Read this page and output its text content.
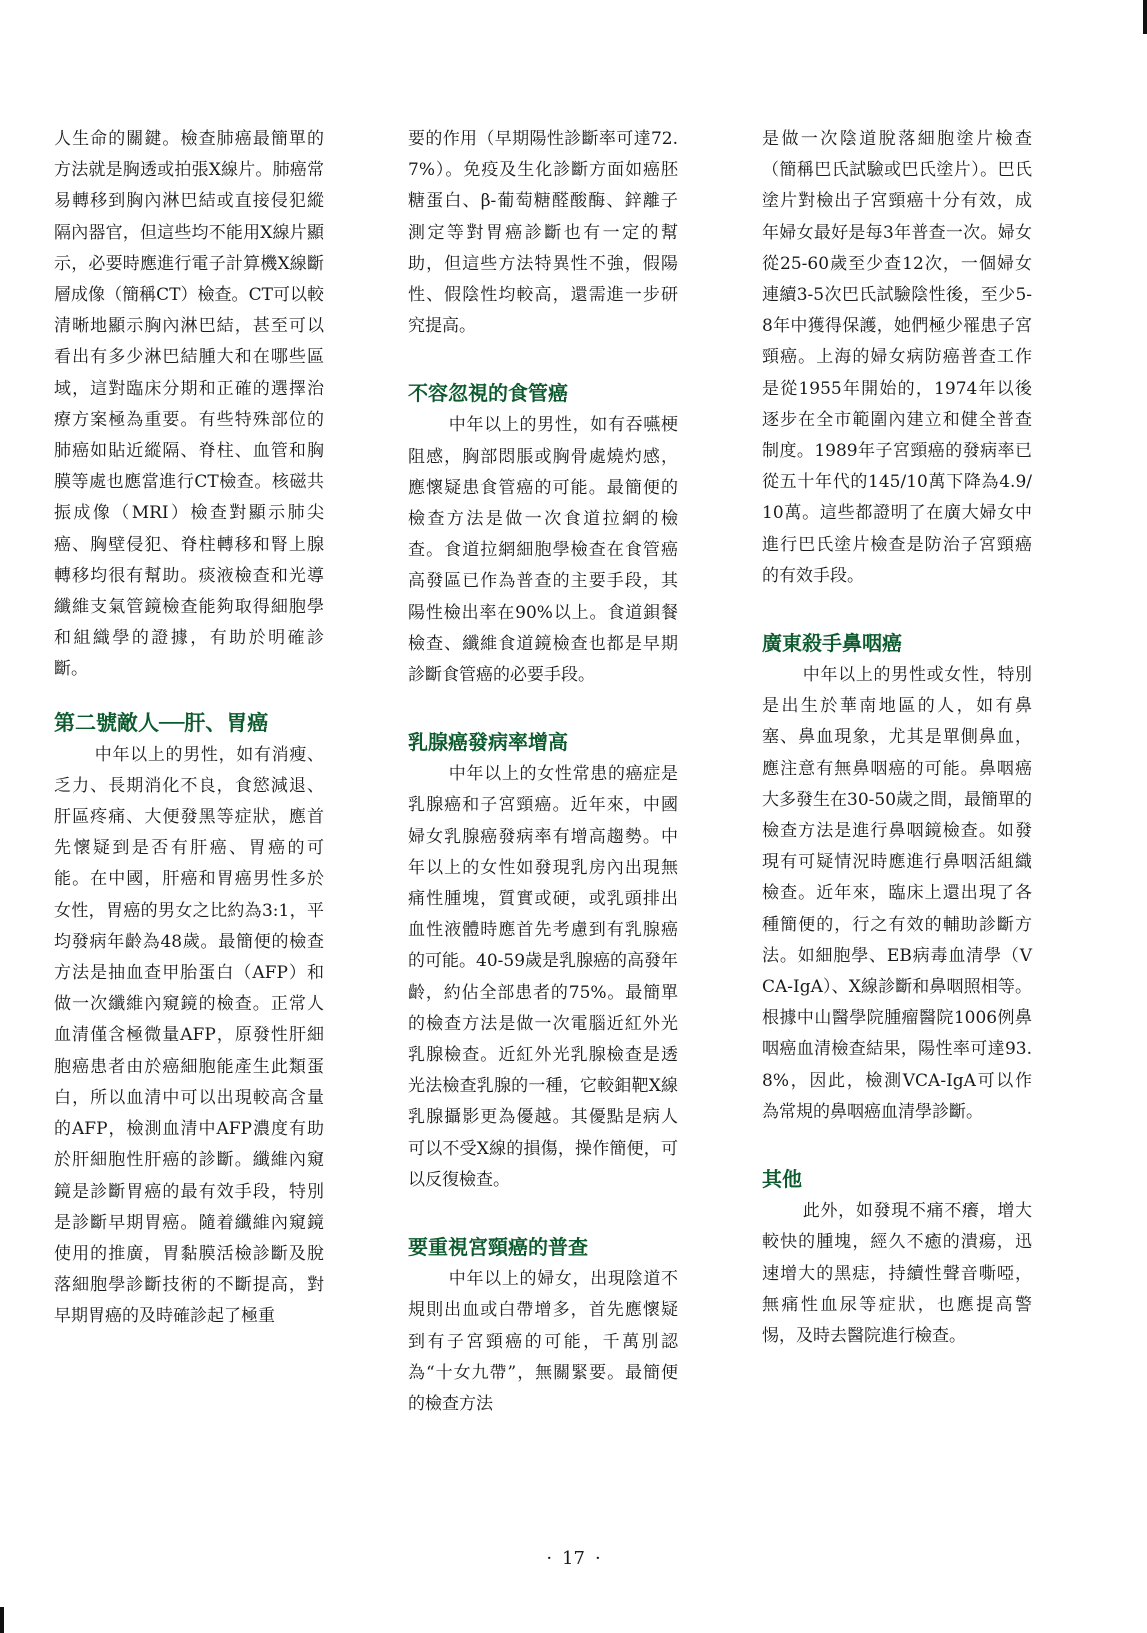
人生命的關鍵。檢查肺癌最簡單的方法就是胸透或拍張X線片。肺癌常易轉移到胸內淋巴結或直接侵犯縱隔內器官，但這些均不能用X線片顯示，必要時應進行電子計算機X線斷層成像（簡稱CT）檢查。CT可以較清晰地顯示胸內淋巴結，甚至可以看出有多少淋巴結腫大和在哪些區域，這對臨床分期和正確的選擇治療方案極為重要。有些特殊部位的肺癌如貼近縱隔、脊柱、血管和胸膜等處也應當進行CT檢查。核磁共振成像（MRI）檢查對顯示肺尖癌、胸壁侵犯、脊柱轉移和腎上腺轉移均很有幫助。痰液檢查和光導纖維支氣管鏡檢查能夠取得細胞學和組織學的證據，有助於明確診斷。

第二號敵人──肝、胃癌

中年以上的男性，如有消瘦、乏力、長期消化不良，食慾減退、肝區疼痛、大便發黑等症狀，應首先懷疑到是否有肝癌、胃癌的可能。在中國，肝癌和胃癌男性多於女性，胃癌的男女之比約為3:1，平均發病年齡為48歲。最簡便的檢查方法是抽血查甲胎蛋白（AFP）和做一次纖維內窺鏡的檢查。正常人血清僅含極微量AFP，原發性肝細胞癌患者由於癌細胞能產生此類蛋白，所以血清中可以出現較高含量的AFP，檢測血清中AFP濃度有助於肝細胞性肝癌的診斷。纖維內窺鏡是診斷胃癌的最有效手段，特別是診斷早期胃癌。隨着纖維內窺鏡使用的推廣，胃黏膜活檢診斷及脫落細胞學診斷技術的不斷提高，對早期胃癌的及時確診起了極重

要的作用（早期陽性診斷率可達72.7%）。免疫及生化診斷方面如癌胚糖蛋白、β-葡萄糖醛酸酶、鋅離子測定等對胃癌診斷也有一定的幫助，但這些方法特異性不強，假陽性、假陰性均較高，還需進一步研究提高。

不容忽視的食管癌

中年以上的男性，如有吞嚥梗阻感，胸部悶脹或胸骨處燒灼感，應懷疑患食管癌的可能。最簡便的檢查方法是做一次食道拉網的檢查。食道拉網細胞學檢查在食管癌高發區已作為普查的主要手段，其陽性檢出率在90%以上。食道鋇餐檢查、纖維食道鏡檢查也都是早期診斷食管癌的必要手段。

乳腺癌發病率增高

中年以上的女性常患的癌症是乳腺癌和子宮頸癌。近年來，中國婦女乳腺癌發病率有增高趨勢。中年以上的女性如發現乳房內出現無痛性腫塊，質實或硬，或乳頭排出血性液體時應首先考慮到有乳腺癌的可能。40-59歲是乳腺癌的高發年齡，約佔全部患者的75%。最簡單的檢查方法是做一次電腦近紅外光乳腺檢查。近紅外光乳腺檢查是透光法檢查乳腺的一種，它較鉬靶X線乳腺攝影更為優越。其優點是病人可以不受X線的損傷，操作簡便，可以反復檢查。

要重視宮頸癌的普查

中年以上的婦女，出現陰道不規則出血或白帶增多，首先應懷疑到有子宮頸癌的可能，千萬別認為“十女九帶”，無關緊要。最簡便的檢查方法

是做一次陰道脫落細胞塗片檢查（簡稱巴氏試驗或巴氏塗片）。巴氏塗片對檢出子宮頸癌十分有效，成年婦女最好是每3年普查一次。婦女從25-60歲至少查12次，一個婦女連續3-5次巴氏試驗陰性後，至少5-8年中獲得保護，她們極少罹患子宮頸癌。上海的婦女病防癌普查工作是從1955年開始的，1974年以後逐步在全市範圍內建立和健全普查制度。1989年子宮頸癌的發病率已從五十年代的145/10萬下降為4.9/10萬。這些都證明了在廣大婦女中進行巴氏塗片檢查是防治子宮頸癌的有效手段。

廣東殺手鼻咽癌

中年以上的男性或女性，特別是出生於華南地區的人，如有鼻塞、鼻血現象，尤其是單側鼻血，應注意有無鼻咽癌的可能。鼻咽癌大多發生在30-50歲之間，最簡單的檢查方法是進行鼻咽鏡檢查。如發現有可疑情況時應進行鼻咽活組織檢查。近年來，臨床上還出現了各種簡便的，行之有效的輔助診斷方法。如細胞學、EB病毒血清學（VCA-IgA）、X線診斷和鼻咽照相等。根據中山醫學院腫瘤醫院1006例鼻咽癌血清檢查結果，陽性率可達93.8%，因此，檢測VCA-IgA可以作為常規的鼻咽癌血清學診斷。

其他

此外，如發現不痛不癢，增大較快的腫塊，經久不癒的潰瘍，迅速增大的黑痣，持續性聲音嘶啞，無痛性血尿等症狀，也應提高警惕，及時去醫院進行檢查。

· 17 ·
